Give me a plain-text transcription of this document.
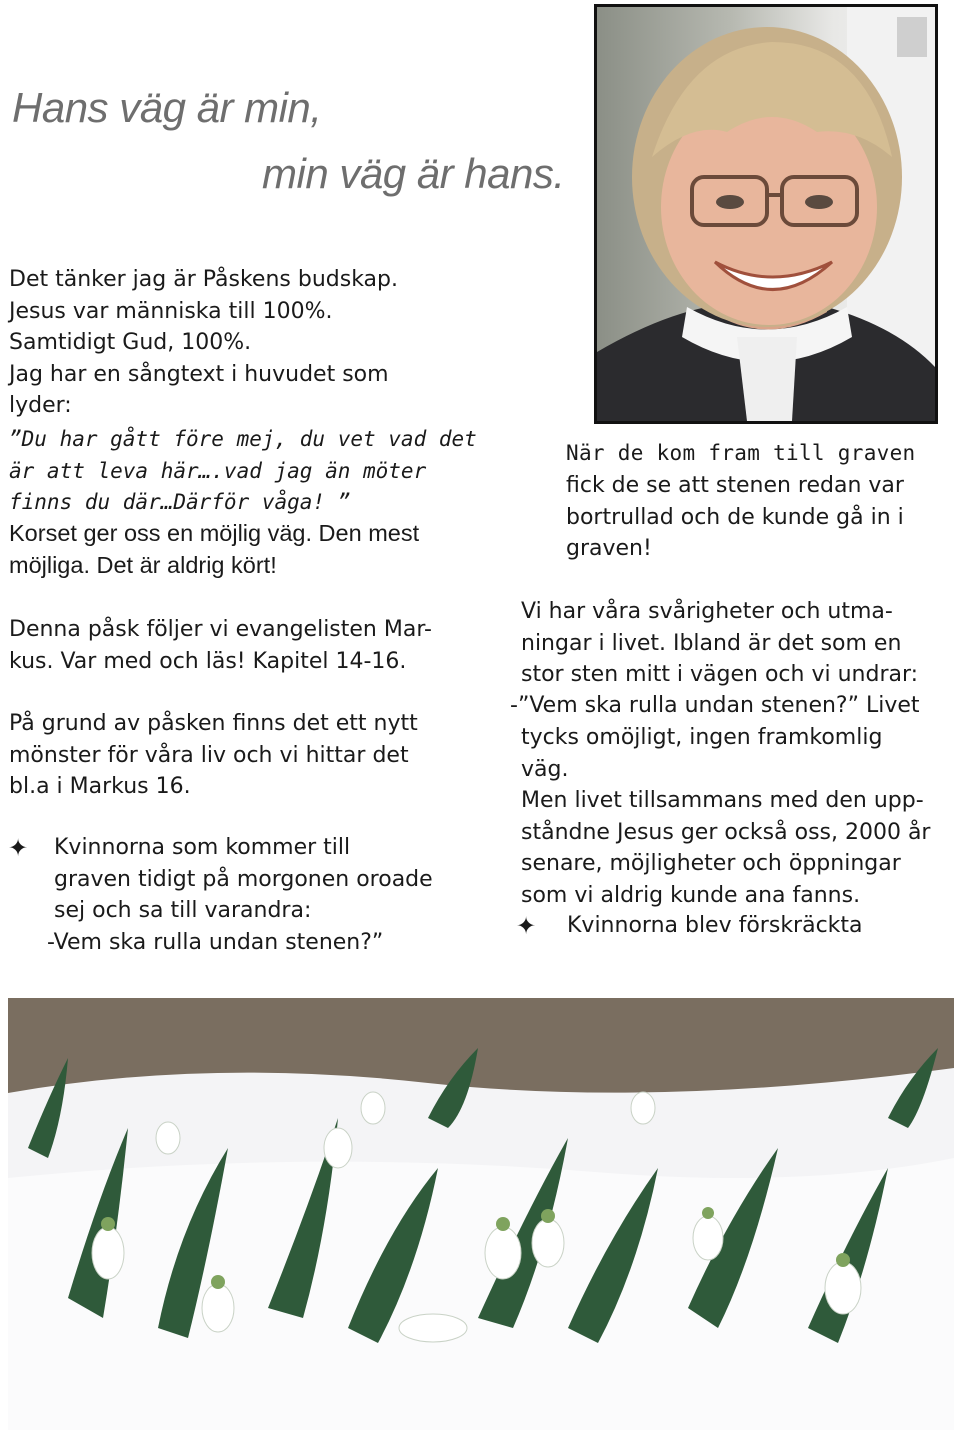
Hans väg är min,
min väg är hans.
Det tänker jag är Påskens budskap.
Jesus var människa till 100%.
Samtidigt Gud, 100%.
Jag har en sångtext i huvudet som
lyder:
”Du har gått före mej, du vet vad det
är att leva här….vad jag än möter
finns du där…Därför våga! ”
Korset ger oss en möjlig väg. Den mest
möjliga. Det är aldrig kört!
Denna påsk följer vi evangelisten Mar-
kus. Var med och läs! Kapitel 14-16.
På grund av påsken finns det ett nytt
mönster för våra liv och vi hittar det
bl.a i Markus 16.
✦ Kvinnorna som kommer till
graven tidigt på morgonen oroade
sej och sa till varandra:
-Vem ska rulla undan stenen?”
När de kom fram till graven
fick de se att stenen redan var
bortrullad och de kunde gå in i
graven!
Vi har våra svårigheter och utma-
ningar i livet. Ibland är det som en
stor sten mitt i vägen och vi undrar:
-”Vem ska rulla undan stenen?” Livet
tycks omöjligt, ingen framkomlig
väg.
Men livet tillsammans med den upp-
ståndne Jesus ger också oss, 2000 år
senare, möjligheter och öppningar
som vi aldrig kunde ana fanns.
✦ Kvinnorna blev förskräckta
